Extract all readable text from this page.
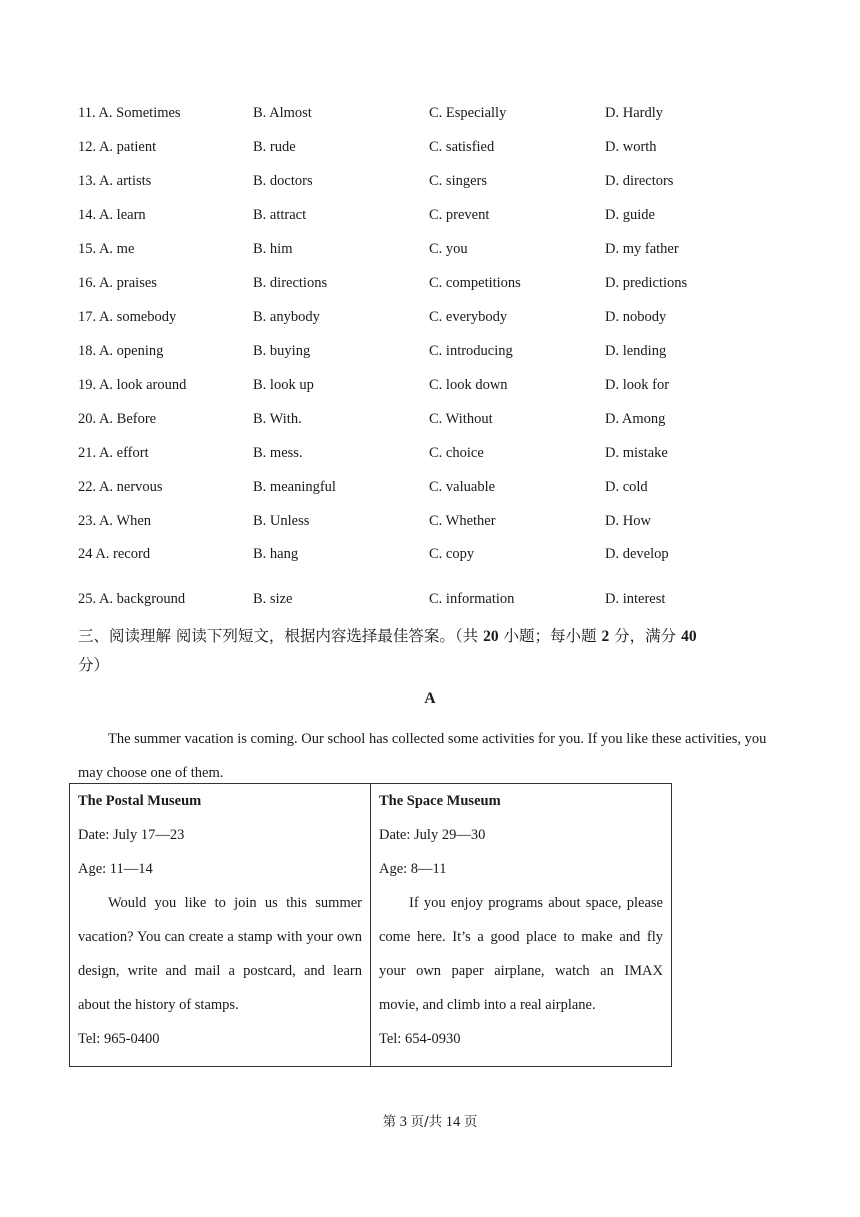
11. A. Sometimes	B. Almost	C. Especially	D. Hardly
12. A. patient	B. rude	C. satisfied	D. worth
13. A. artists	B. doctors	C. singers	D. directors
14. A. learn	B. attract	C. prevent	D. guide
15. A. me	B. him	C. you	D. my father
16. A. praises	B. directions	C. competitions	D. predictions
17. A. somebody	B. anybody	C. everybody	D. nobody
18. A. opening	B. buying	C. introducing	D. lending
19. A. look around	B. look up	C. look down	D. look for
20. A. Before	B. With.	C. Without	D. Among
21. A. effort	B. mess.	C. choice	D. mistake
22. A. nervous	B. meaningful	C. valuable	D. cold
23. A. When	B. Unless	C. Whether	D. How
24 A. record	B. hang	C. copy	D. develop
25. A. background	B. size	C. information	D. interest
三、阅读理解 阅读下列短文，根据内容选择最佳答案。（共 20 小题；每小题 2 分，满分 40
分）
A
The summer vacation is coming. Our school has collected some activities for you. If you like these activities, you may choose one of them.
The Postal Museum
Date: July 17—23
Age: 11—14
Would you like to join us this summer vacation? You can create a stamp with your own design, write and mail a postcard, and learn about the history of stamps.
Tel: 965-0400

The Space Museum
Date: July 29—30
Age: 8—11
If you enjoy programs about space, please come here. It’s a good place to make and fly your own paper airplane, watch an IMAX movie, and climb into a real airplane.
Tel: 654-0930
第 3 页/共 14 页
